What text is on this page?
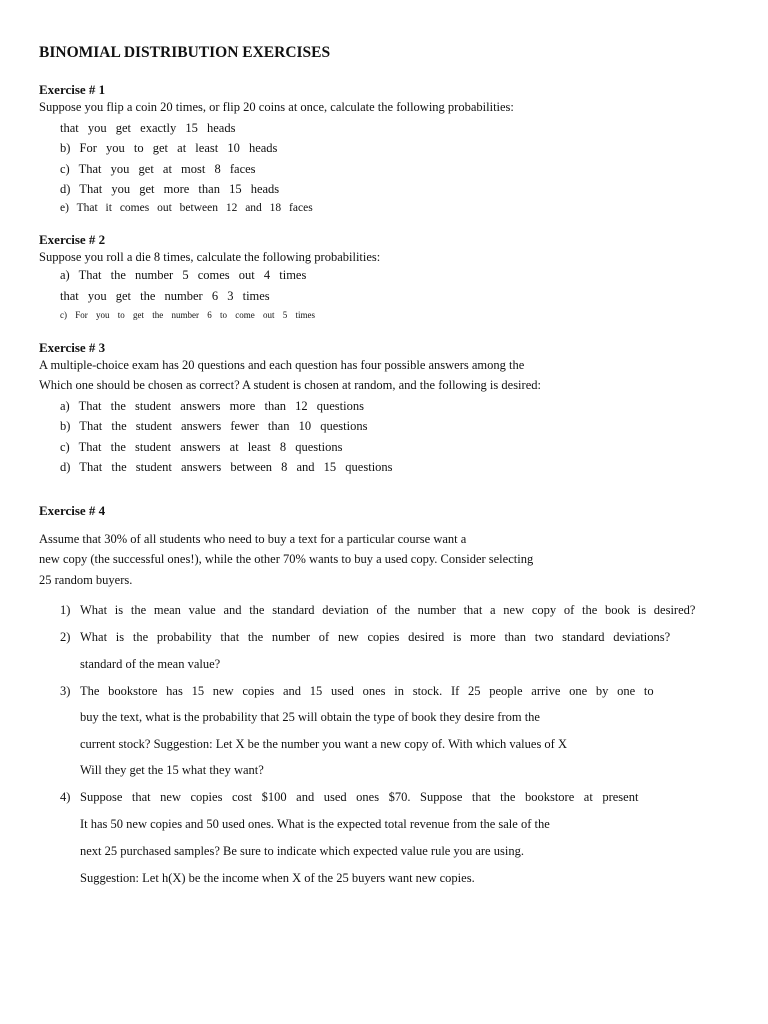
BINOMIAL DISTRIBUTION EXERCISES
Exercise # 1
Suppose you flip a coin 20 times, or flip 20 coins at once, calculate the following probabilities:
that you get exactly 15 heads
b) For you to get at least 10 heads
c) That you get at most 8 faces
d) That you get more than 15 heads
e) That it comes out between 12 and 18 faces
Exercise # 2
Suppose you roll a die 8 times, calculate the following probabilities:
a) That the number 5 comes out 4 times
that you get the number 6 3 times
c) For you to get the number 6 to come out 5 times
Exercise # 3
A multiple-choice exam has 20 questions and each question has four possible answers among the
Which one should be chosen as correct? A student is chosen at random, and the following is desired:
a) That the student answers more than 12 questions
b) That the student answers fewer than 10 questions
c) That the student answers at least 8 questions
d) That the student answers between 8 and 15 questions
Exercise # 4
Assume that 30% of all students who need to buy a text for a particular course want a
new copy (the successful ones!), while the other 70% wants to buy a used copy. Consider selecting
25 random buyers.
1) What is the mean value and the standard deviation of the number that a new copy of the book is desired?
2) What is the probability that the number of new copies desired is more than two standard deviations?
standard of the mean value?
3) The bookstore has 15 new copies and 15 used ones in stock. If 25 people arrive one by one to
buy the text, what is the probability that 25 will obtain the type of book they desire from the
current stock? Suggestion: Let X be the number you want a new copy of. With which values of X
Will they get the 15 what they want?
4) Suppose that new copies cost $100 and used ones $70. Suppose that the bookstore at present
It has 50 new copies and 50 used ones. What is the expected total revenue from the sale of the
next 25 purchased samples? Be sure to indicate which expected value rule you are using.
Suggestion: Let h(X) be the income when X of the 25 buyers want new copies.
